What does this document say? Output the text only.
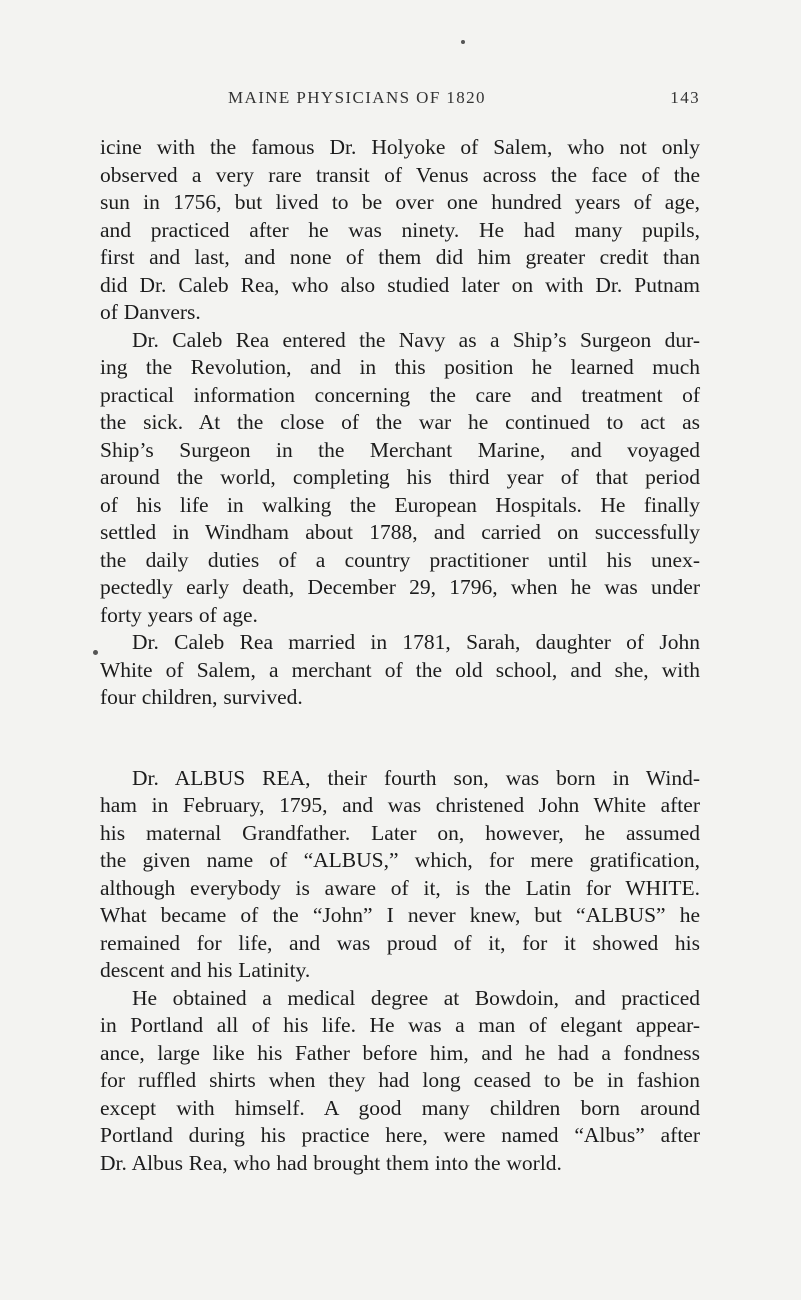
MAINE PHYSICIANS OF 1820	143
icine with the famous Dr. Holyoke of Salem, who not only
observed a very rare transit of Venus across the face of the
sun in 1756, but lived to be over one hundred years of age,
and practiced after he was ninety. He had many pupils,
first and last, and none of them did him greater credit than
did Dr. Caleb Rea, who also studied later on with Dr. Putnam
of Danvers.
Dr. Caleb Rea entered the Navy as a Ship’s Surgeon dur-
ing the Revolution, and in this position he learned much
practical information concerning the care and treatment of
the sick. At the close of the war he continued to act as
Ship’s Surgeon in the Merchant Marine, and voyaged
around the world, completing his third year of that period
of his life in walking the European Hospitals. He finally
settled in Windham about 1788, and carried on successfully
the daily duties of a country practitioner until his unex-
pectedly early death, December 29, 1796, when he was under
forty years of age.
Dr. Caleb Rea married in 1781, Sarah, daughter of John
White of Salem, a merchant of the old school, and she, with
four children, survived.
Dr. ALBUS REA, their fourth son, was born in Wind-
ham in February, 1795, and was christened John White after
his maternal Grandfather. Later on, however, he assumed
the given name of “ALBUS,” which, for mere gratification,
although everybody is aware of it, is the Latin for WHITE.
What became of the “John” I never knew, but “ALBUS” he
remained for life, and was proud of it, for it showed his
descent and his Latinity.
He obtained a medical degree at Bowdoin, and practiced
in Portland all of his life. He was a man of elegant appear-
ance, large like his Father before him, and he had a fondness
for ruffled shirts when they had long ceased to be in fashion
except with himself. A good many children born around
Portland during his practice here, were named “Albus” after
Dr. Albus Rea, who had brought them into the world.
